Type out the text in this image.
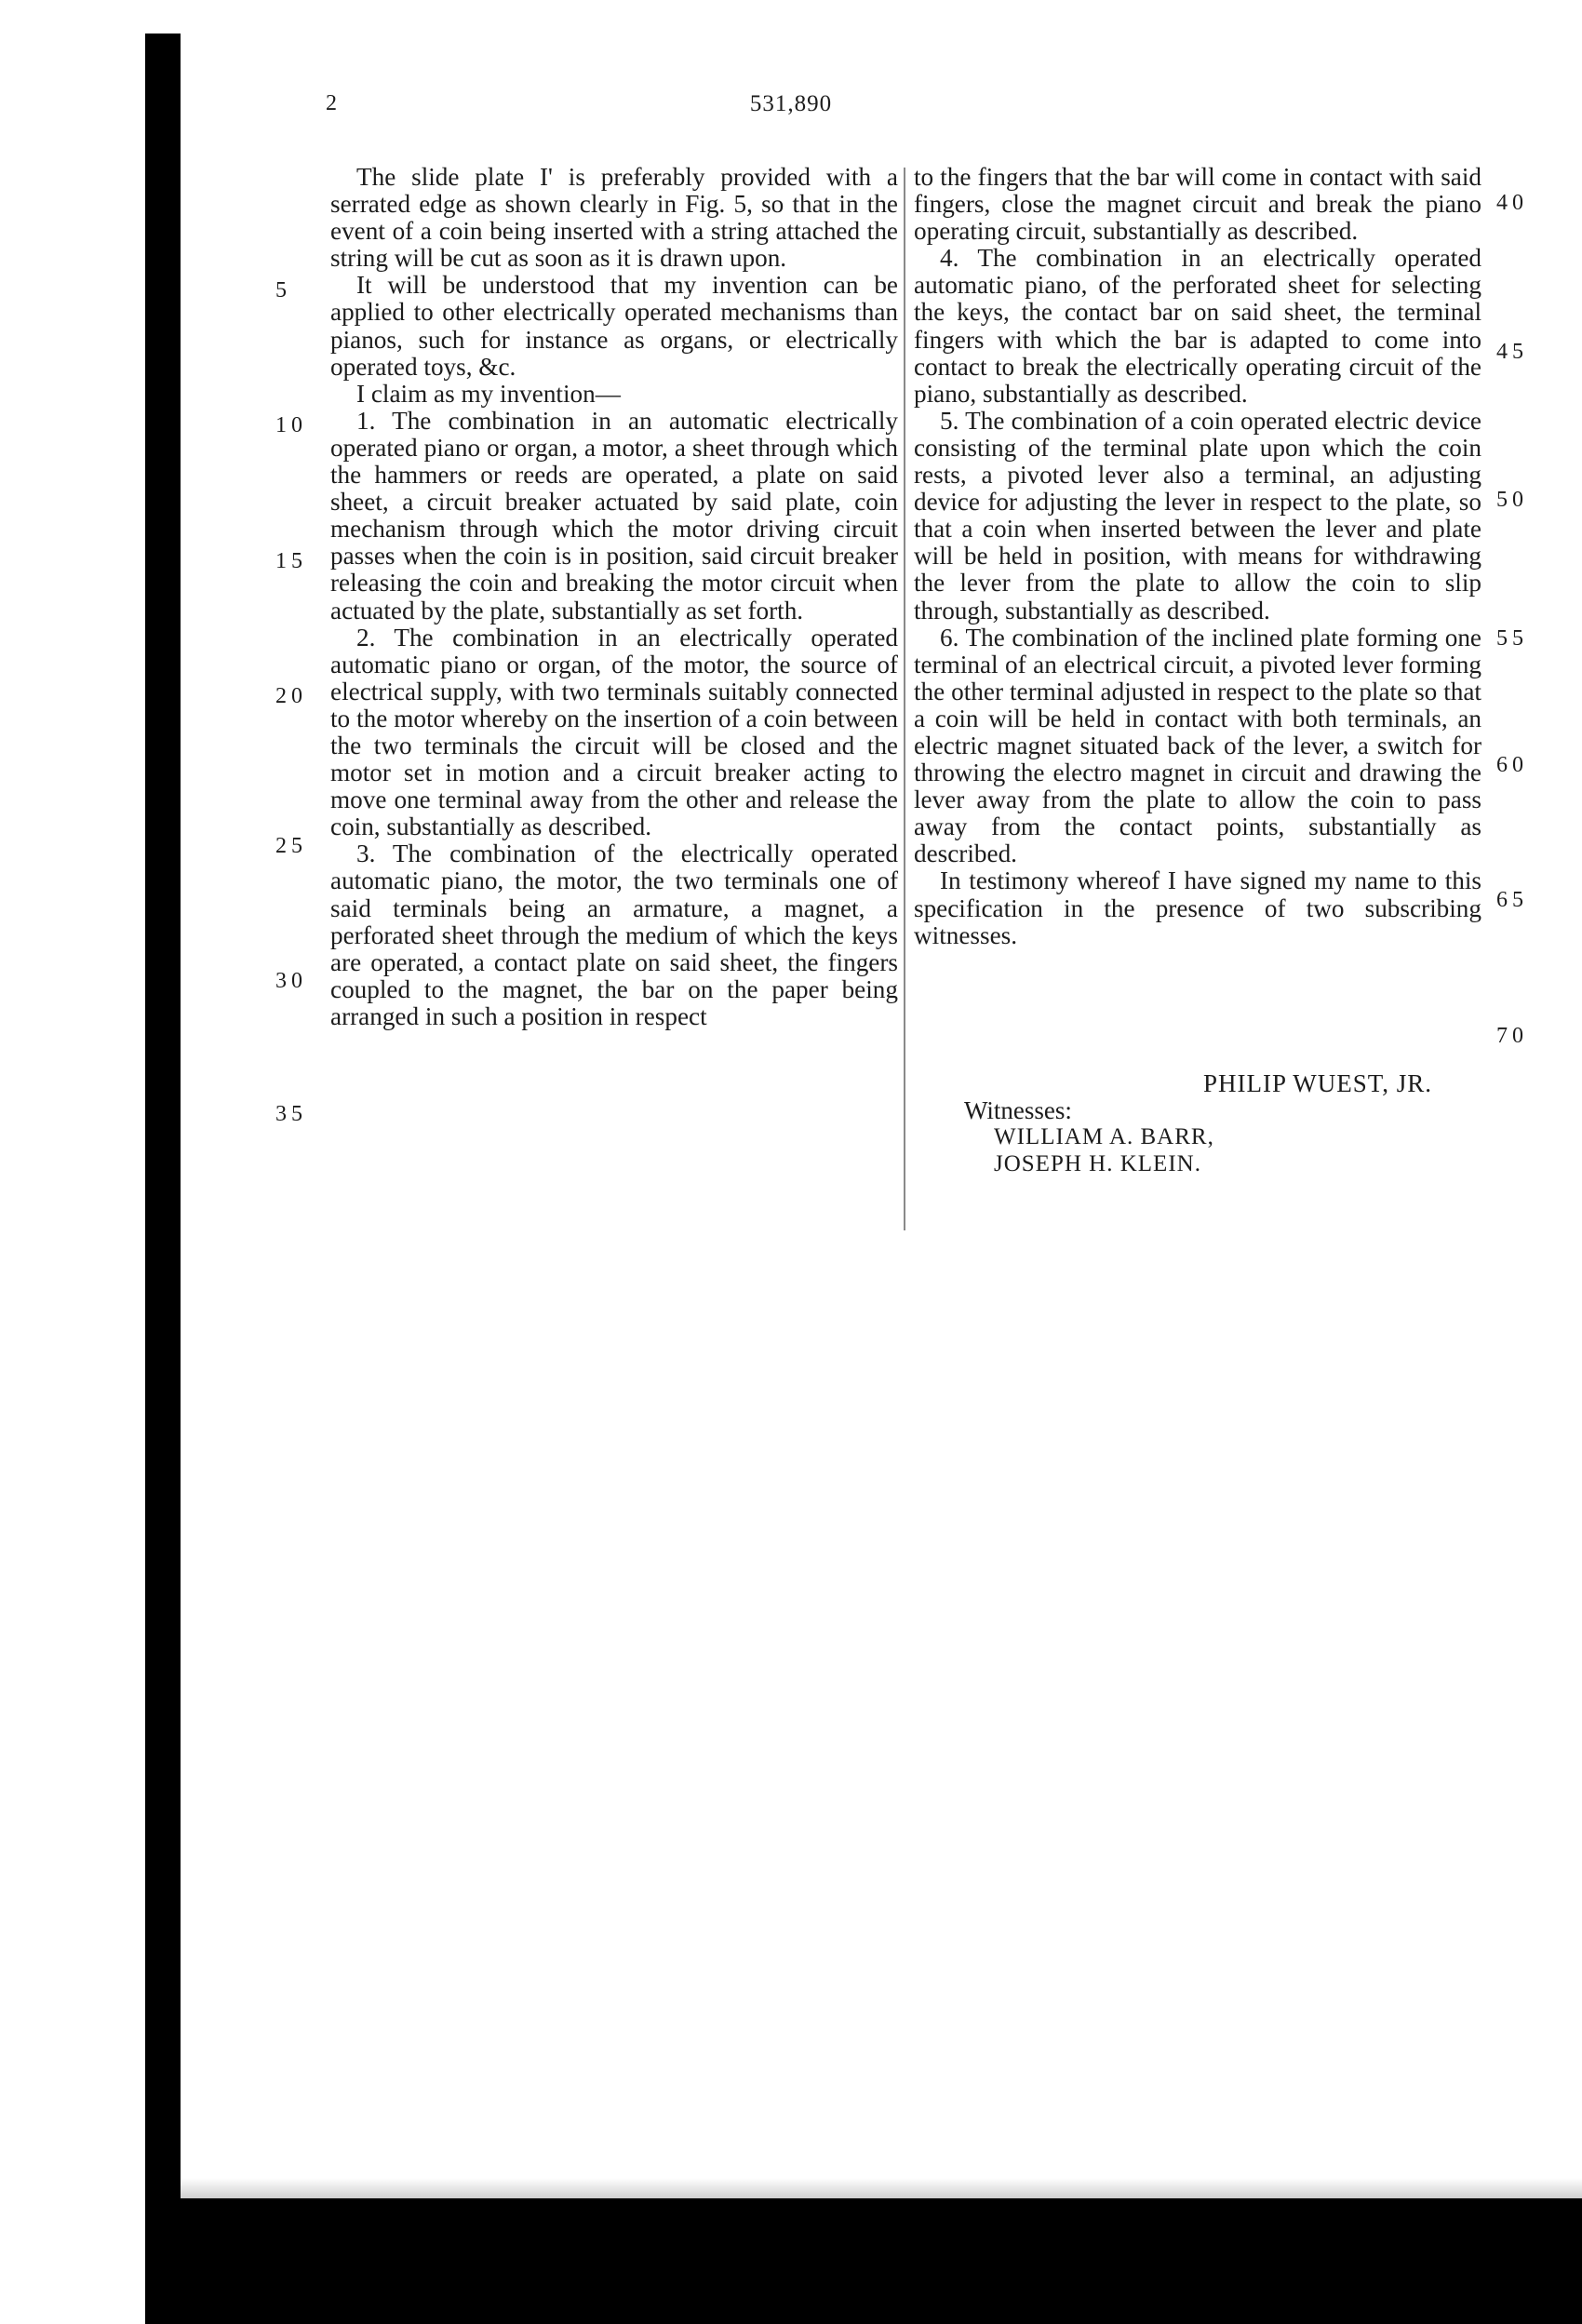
2	531,890

The slide plate I' is preferably provided with a serrated edge as shown clearly in Fig. 5, so that in the event of a coin being inserted with a string attached the string will be cut as soon as it is drawn upon.

It will be understood that my invention can be applied to other electrically operated mechanisms than pianos, such for instance as organs, or electrically operated toys, &c.

I claim as my invention—

1. The combination in an automatic electrically operated piano or organ, a motor, a sheet through which the hammers or reeds are operated, a plate on said sheet, a circuit breaker actuated by said plate, coin mechanism through which the motor driving circuit passes when the coin is in position, said circuit breaker releasing the coin and breaking the motor circuit when actuated by the plate, substantially as set forth.

2. The combination in an electrically operated automatic piano or organ, of the motor, the source of electrical supply, with two terminals suitably connected to the motor whereby on the insertion of a coin between the two terminals the circuit will be closed and the motor set in motion and a circuit breaker acting to move one terminal away from the other and release the coin, substantially as described.

3. The combination of the electrically operated automatic piano, the motor, the two terminals one of said terminals being an armature, a magnet, a perforated sheet through the medium of which the keys are operated, a contact plate on said sheet, the fingers coupled to the magnet, the bar on the paper being arranged in such a position in respect

to the fingers that the bar will come in contact with said fingers, close the magnet circuit and break the piano operating circuit, substantially as described.

4. The combination in an electrically operated automatic piano, of the perforated sheet for selecting the keys, the contact bar on said sheet, the terminal fingers with which the bar is adapted to come into contact to break the electrically operating circuit of the piano, substantially as described.

5. The combination of a coin operated electric device consisting of the terminal plate upon which the coin rests, a pivoted lever also a terminal, an adjusting device for adjusting the lever in respect to the plate, so that a coin when inserted between the lever and plate will be held in position, with means for withdrawing the lever from the plate to allow the coin to slip through, substantially as described.

6. The combination of the inclined plate forming one terminal of an electrical circuit, a pivoted lever forming the other terminal adjusted in respect to the plate so that a coin will be held in contact with both terminals, an electric magnet situated back of the lever, a switch for throwing the electro magnet in circuit and drawing the lever away from the plate to allow the coin to pass away from the contact points, substantially as described.

In testimony whereof I have signed my name to this specification in the presence of two subscribing witnesses.

5
10
15
20
25
30
35
40
45
50
55
60
65
70
PHILIP WUEST, JR.
Witnesses:
WILLIAM A. BARR,
JOSEPH H. KLEIN.
